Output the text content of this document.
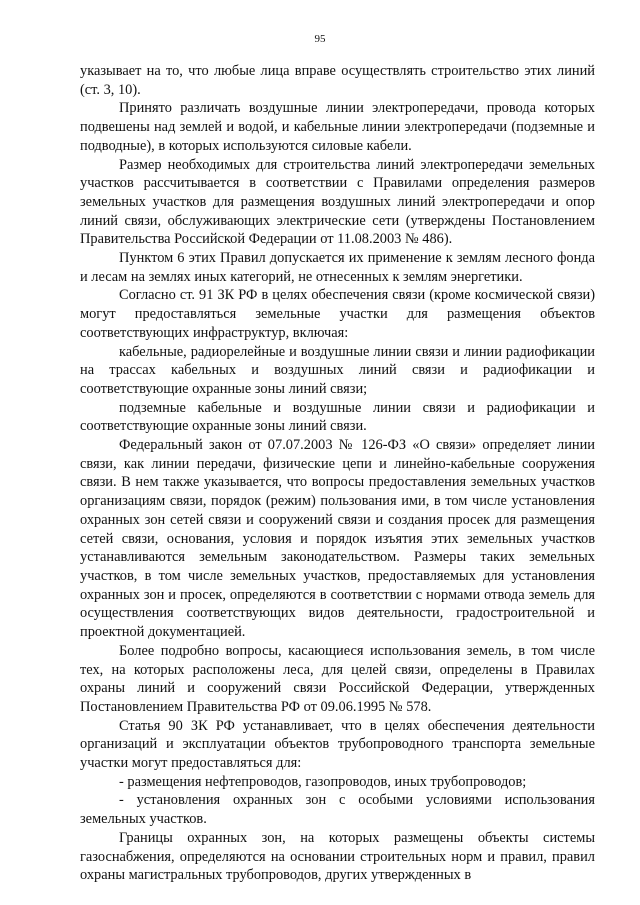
95

указывает на то, что любые лица вправе осуществлять строительство этих линий (ст. 3, 10).

Принято различать воздушные линии электропередачи, провода которых подвешены над землей и водой, и кабельные линии электропередачи (подземные и подводные), в которых используются силовые кабели.

Размер необходимых для строительства линий электропередачи земельных участков рассчитывается в соответствии с Правилами определения размеров земельных участков для размещения воздушных линий электропередачи и опор линий связи, обслуживающих электрические сети (утверждены Постановлением Правительства Российской Федерации от 11.08.2003 № 486).

Пунктом 6 этих Правил допускается их применение к землям лесного фонда и лесам на землях иных категорий, не отнесенных к землям энергетики.

Согласно ст. 91 ЗК РФ в целях обеспечения связи (кроме космической связи) могут предоставляться земельные участки для размещения объектов соответствующих инфраструктур, включая:

кабельные, радиорелейные и воздушные линии связи и линии радиофикации на трассах кабельных и воздушных линий связи и радиофикации и соответствующие охранные зоны линий связи;

подземные кабельные и воздушные линии связи и радиофикации и соответствующие охранные зоны линий связи.

Федеральный закон от 07.07.2003 № 126-ФЗ «О связи» определяет линии связи, как линии передачи, физические цепи и линейно-кабельные сооружения связи. В нем также указывается, что вопросы предоставления земельных участков организациям связи, порядок (режим) пользования ими, в том числе установления охранных зон сетей связи и сооружений связи и создания просек для размещения сетей связи, основания, условия и порядок изъятия этих земельных участков устанавливаются земельным законодательством. Размеры таких земельных участков, в том числе земельных участков, предоставляемых для установления охранных зон и просек, определяются в соответствии с нормами отвода земель для осуществления соответствующих видов деятельности, градостроительной и проектной документацией.

Более подробно вопросы, касающиеся использования земель, в том числе тех, на которых расположены леса, для целей связи, определены в Правилах охраны линий и сооружений связи Российской Федерации, утвержденных Постановлением Правительства РФ от 09.06.1995 № 578.

Статья 90 ЗК РФ устанавливает, что в целях обеспечения деятельности организаций и эксплуатации объектов трубопроводного транспорта земельные участки могут предоставляться для:

- размещения нефтепроводов, газопроводов, иных трубопроводов;

- установления охранных зон с особыми условиями использования земельных участков.

Границы охранных зон, на которых размещены объекты системы газоснабжения, определяются на основании строительных норм и правил, правил охраны магистральных трубопроводов, других утвержденных в
